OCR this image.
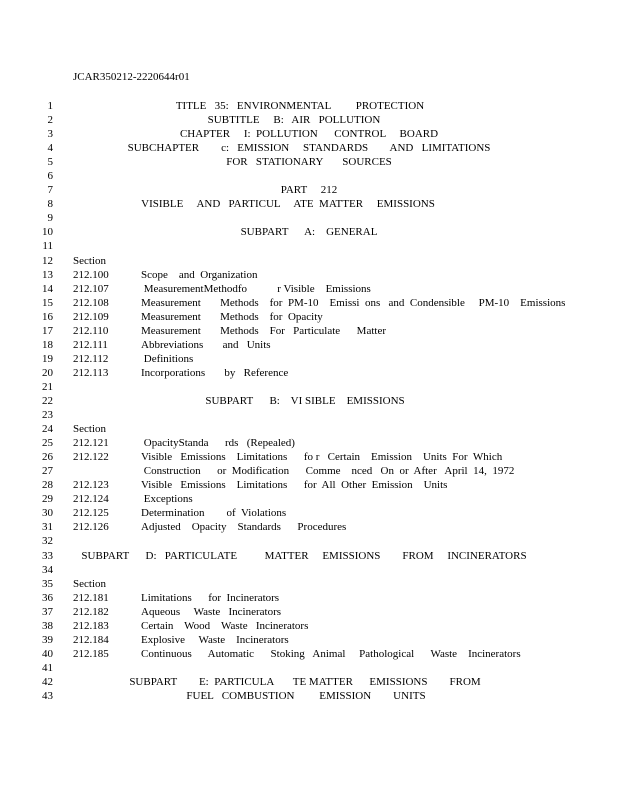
JCAR350212-2220644r01
1	TITLE   35:   ENVIRONMENTAL         PROTECTION
2	SUBTITLE     B:   AIR   POLLUTION
3	CHAPTER     I:  POLLUTION      CONTROL     BOARD
4	SUBCHAPTER        c:   EMISSION     STANDARDS        AND   LIMITATIONS
5	FOR   STATIONARY       SOURCES
6
7	PART     212
8	VISIBLE     AND   PARTICUL     ATE  MATTER     EMISSIONS
9
10	SUBPART      A:    GENERAL
11
12 Section
13 212.100	Scope    and  Organization
14 212.107	MeasurementMethodfo           r Visible    Emissions
15 212.108	Measurement       Methods    for  PM-10    Emissi  ons   and  Condensible     PM-10    Emissions
16 212.109	Measurement       Methods    for  Opacity
17 212.110	Measurement       Methods    For   Particulate      Matter
18 212.111	Abbreviations       and   Units
19 212.112	Definitions
20 212.113	Incorporations       by   Reference
21
22	SUBPART      B:    VI SIBLE    EMISSIONS
23
24 Section
25 212.121	OpacityStanda      rds   (Repealed)
26 212.122	Visible   Emissions    Limitations      fo r   Certain    Emission    Units  For  Which
27	Construction      or  Modification      Comme    nced   On  or  After   April  14,  1972
28 212.123	Visible   Emissions    Limitations      for  All  Other  Emission    Units
29 212.124	Exceptions
30 212.125	Determination        of  Violations
31 212.126	Adjusted    Opacity    Standards      Procedures
32
33	SUBPART      D:   PARTICULATE          MATTER     EMISSIONS        FROM     INCINERATORS
34
35 Section
36 212.181	Limitations      for  Incinerators
37 212.182	Aqueous     Waste   Incinerators
38 212.183	Certain    Wood    Waste   Incinerators
39 212.184	Explosive     Waste    Incinerators
40 212.185	Continuous      Automatic      Stoking   Animal     Pathological      Waste    Incinerators
41
42	SUBPART        E:  PARTICULA       TE MATTER      EMISSIONS        FROM
43	FUEL   COMBUSTION         EMISSION        UNITS
